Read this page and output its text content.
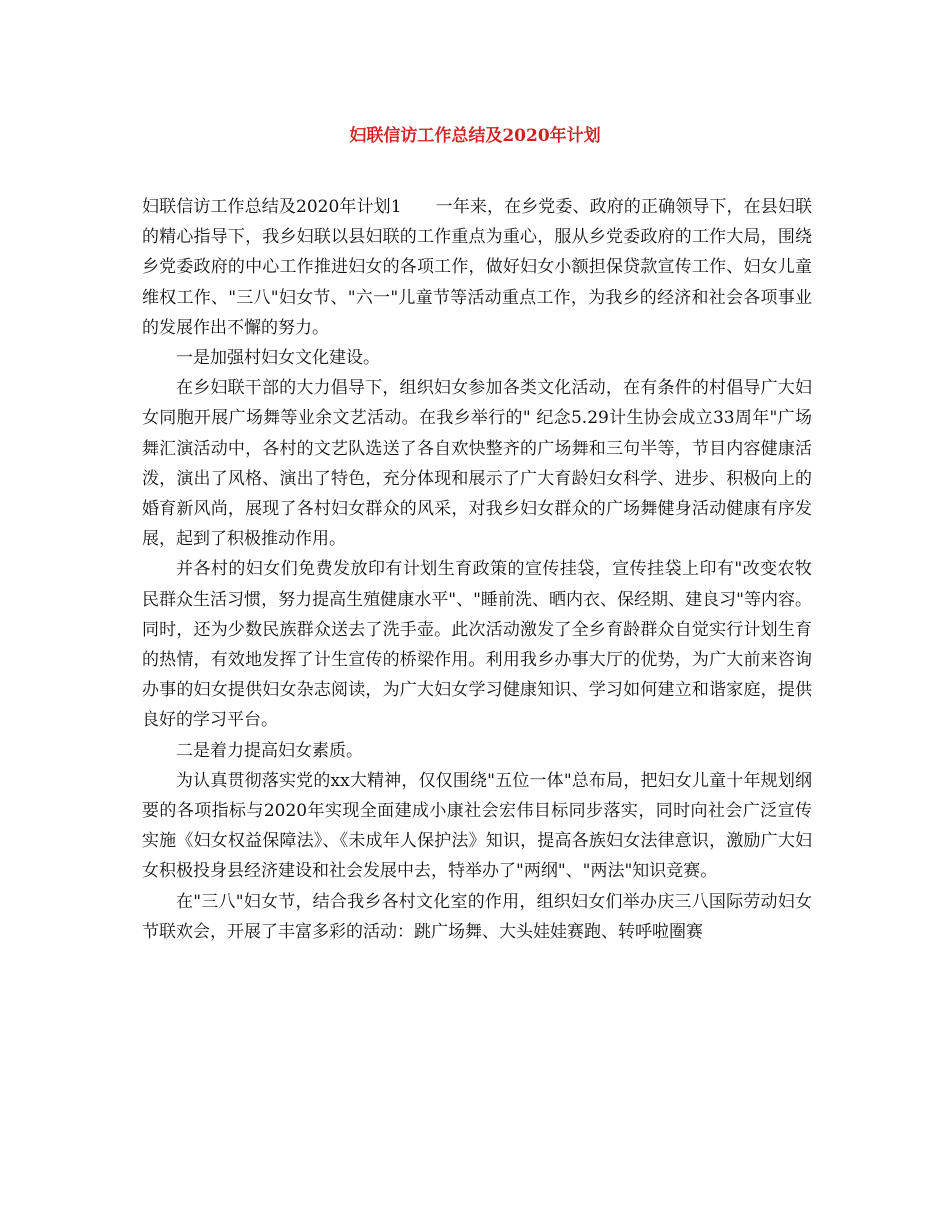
妇联信访工作总结及2020年计划

妇联信访工作总结及2020年计划1 一年来，在乡党委、政府的正确领导下，在县妇联的精心指导下，我乡妇联以县妇联的工作重点为重心，服从乡党委政府的工作大局，围绕乡党委政府的中心工作推进妇女的各项工作，做好妇女小额担保贷款宣传工作、妇女儿童维权工作、"三八"妇女节、"六一"儿童节等活动重点工作，为我乡的经济和社会各项事业的发展作出不懈的努力。

一是加强村妇女文化建设。

在乡妇联干部的大力倡导下，组织妇女参加各类文化活动，在有条件的村倡导广大妇女同胞开展广场舞等业余文艺活动。在我乡举行的" 纪念5.29计生协会成立33周年"广场舞汇演活动中，各村的文艺队选送了各自欢快整齐的广场舞和三句半等，节目内容健康活泼，演出了风格、演出了特色，充分体现和展示了广大育龄妇女科学、进步、积极向上的婚育新风尚，展现了各村妇女群众的风采，对我乡妇女群众的广场舞健身活动健康有序发展，起到了积极推动作用。

并各村的妇女们免费发放印有计划生育政策的宣传挂袋，宣传挂袋上印有"改变农牧民群众生活习惯，努力提高生殖健康水平"、"睡前洗、晒内衣、保经期、建良习"等内容。同时，还为少数民族群众送去了洗手壶。此次活动激发了全乡育龄群众自觉实行计划生育的热情，有效地发挥了计生宣传的桥梁作用。利用我乡办事大厅的优势，为广大前来咨询办事的妇女提供妇女杂志阅读，为广大妇女学习健康知识、学习如何建立和谐家庭，提供良好的学习平台。

二是着力提高妇女素质。

为认真贯彻落实党的xx大精神，仅仅围绕"五位一体"总布局，把妇女儿童十年规划纲要的各项指标与2020年实现全面建成小康社会宏伟目标同步落实，同时向社会广泛宣传实施《妇女权益保障法》、《未成年人保护法》知识，提高各族妇女法律意识，激励广大妇女积极投身县经济建设和社会发展中去，特举办了"两纲"、"两法"知识竞赛。

在"三八"妇女节，结合我乡各村文化室的作用，组织妇女们举办庆三八国际劳动妇女节联欢会，开展了丰富多彩的活动：跳广场舞、大头娃娃赛跑、转呼啦圈赛
